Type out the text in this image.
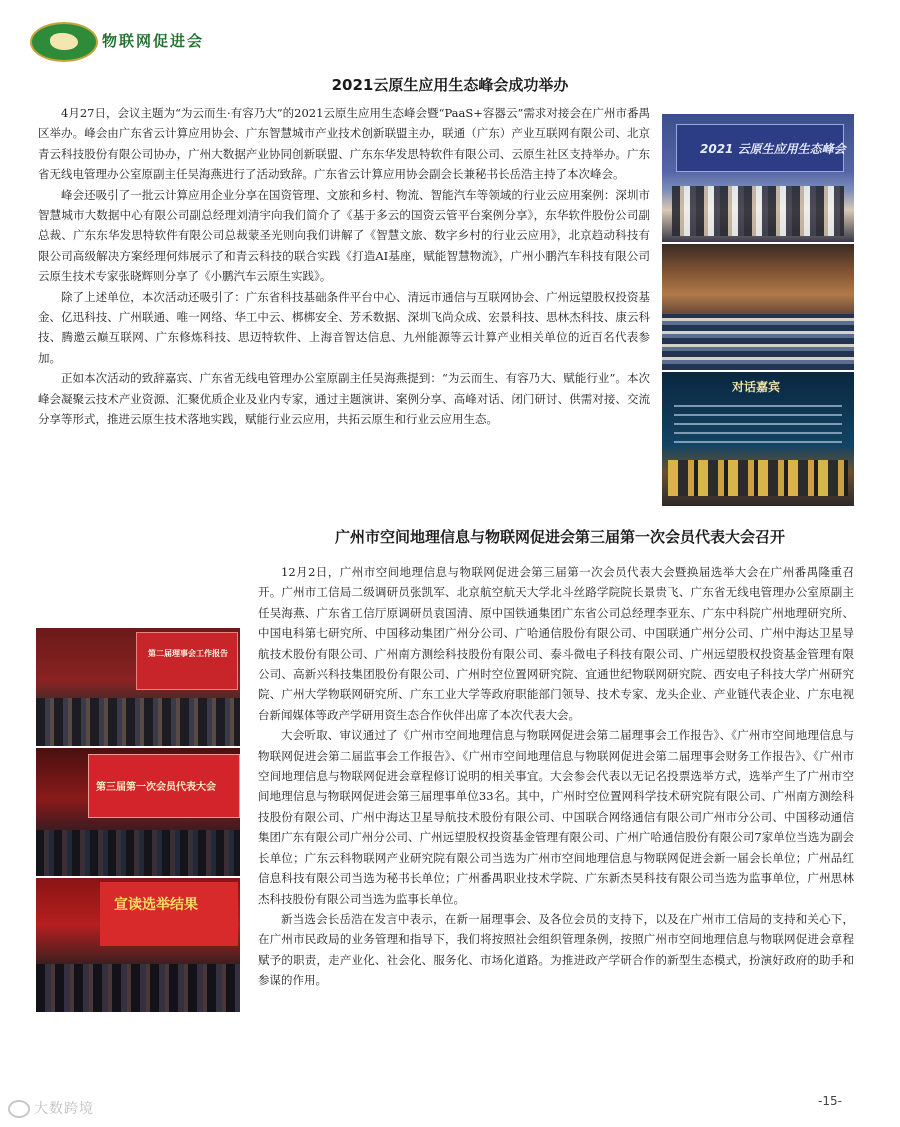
物联网促进会
2021云原生应用生态峰会成功举办

4月27日，会议主题为“为云而生·有容乃大”的2021云原生应用生态峰会暨“PaaS+容器云”需求对接会在广州市番禺区举办。峰会由广东省云计算应用协会、广东智慧城市产业技术创新联盟主办，联通（广东）产业互联网有限公司、北京青云科技股份有限公司协办，广州大数据产业协同创新联盟、广东东华发思特软件有限公司、云原生社区支持举办。广东省无线电管理办公室原副主任吴海燕进行了活动致辞。广东省云计算应用协会副会长兼秘书长岳浩主持了本次峰会。

峰会还吸引了一批云计算应用企业分享在国资管理、文旅和乡村、物流、智能汽车等领域的行业云应用案例：深圳市智慧城市大数据中心有限公司副总经理刘清宇向我们简介了《基于多云的国资云管平台案例分享》，东华软件股份公司副总裁、广东东华发思特软件有限公司总裁蒙圣光则向我们讲解了《智慧文旅、数字乡村的行业云应用》，北京趋动科技有限公司高级解决方案经理何炜展示了和青云科技的联合实践《打造AI基座，赋能智慧物流》，广州小鹏汽车科技有限公司云原生技术专家张晓辉则分享了《小鹏汽车云原生实践》。

除了上述单位，本次活动还吸引了：广东省科技基础条件平台中心、清远市通信与互联网协会、广州远望股权投资基金、亿迅科技、广州联通、唯一网络、华工中云、梆梆安全、芳禾数据、深圳飞尚众成、宏景科技、思林杰科技、康云科技、腾邀云巅互联网、广东修炼科技、思迈特软件、上海音智达信息、九州能源等云计算产业相关单位的近百名代表参加。

正如本次活动的致辞嘉宾、广东省无线电管理办公室原副主任吴海燕提到：“为云而生、有容乃大、赋能行业”。本次峰会凝聚云技术产业资源、汇聚优质企业及业内专家，通过主题演讲、案例分享、高峰对话、闭门研讨、供需对接、交流分享等形式，推进云原生技术落地实践，赋能行业云应用，共拓云原生和行业云应用生态。

2021 云原生应用生态峰会
对话嘉宾
广州市空间地理信息与物联网促进会第三届第一次会员代表大会召开
第二届理事会工作报告
第三届第一次会员代表大会
宣读选举结果

12月2日，广州市空间地理信息与物联网促进会第三届第一次会员代表大会暨换届选举大会在广州番禺隆重召开。广州市工信局二级调研员张凯军、北京航空航天大学北斗丝路学院院长景贵飞、广东省无线电管理办公室原副主任吴海燕、广东省工信厅原调研员袁国清、原中国铁通集团广东省公司总经理李亚东、广东中科院广州地理研究所、中国电科第七研究所、中国移动集团广州分公司、广哈通信股份有限公司、中国联通广州分公司、广州中海达卫星导航技术股份有限公司、广州南方测绘科技股份有限公司、泰斗微电子科技有限公司、广州远望股权投资基金管理有限公司、高新兴科技集团股份有限公司、广州时空位置网研究院、宜通世纪物联网研究院、西安电子科技大学广州研究院、广州大学物联网研究所、广东工业大学等政府职能部门领导、技术专家、龙头企业、产业链代表企业、广东电视台新闻媒体等政产学研用资生态合作伙伴出席了本次代表大会。

大会听取、审议通过了《广州市空间地理信息与物联网促进会第二届理事会工作报告》、《广州市空间地理信息与物联网促进会第二届监事会工作报告》、《广州市空间地理信息与物联网促进会第二届理事会财务工作报告》、《广州市空间地理信息与物联网促进会章程修订说明的相关事宜。大会参会代表以无记名投票选举方式，选举产生了广州市空间地理信息与物联网促进会第三届理事单位33名。其中，广州时空位置网科学技术研究院有限公司、广州南方测绘科技股份有限公司、广州中海达卫星导航技术股份有限公司、中国联合网络通信有限公司广州市分公司、中国移动通信集团广东有限公司广州分公司、广州远望股权投资基金管理有限公司、广州广哈通信股份有限公司7家单位当选为副会长单位；广东云科物联网产业研究院有限公司当选为广州市空间地理信息与物联网促进会新一届会长单位；广州品红信息科技有限公司当选为秘书长单位；广州番禺职业技术学院、广东新杰昊科技有限公司当选为监事单位，广州思林杰科技股份有限公司当选为监事长单位。

新当选会长岳浩在发言中表示，在新一届理事会、及各位会员的支持下，以及在广州市工信局的支持和关心下，在广州市民政局的业务管理和指导下，我们将按照社会组织管理条例，按照广州市空间地理信息与物联网促进会章程赋予的职责，走产业化、社会化、服务化、市场化道路。为推进政产学研合作的新型生态模式，扮演好政府的助手和参谋的作用。

大数跨境	-15-
